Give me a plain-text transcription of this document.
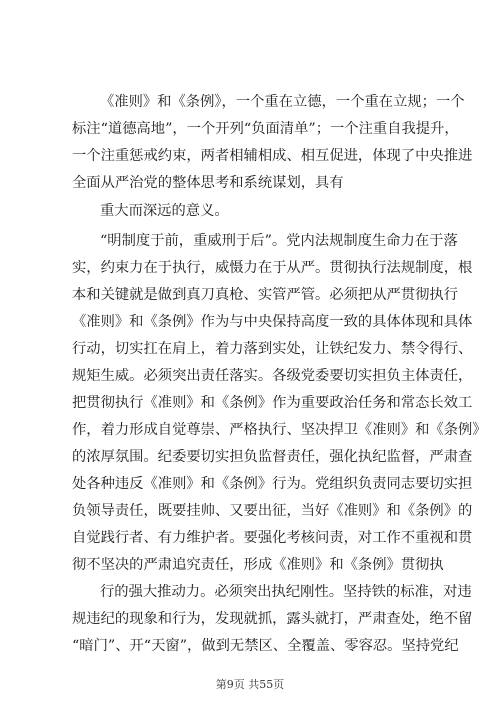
《准则》和《条例》，一个重在立德，一个重在立规；一个
标注“道德高地”，一个开列“负面清单”；一个注重自我提升，
一个注重惩戒约束，两者相辅相成、相互促进，体现了中央推进
全面从严治党的整体思考和系统谋划，具有
重大而深远的意义。
“明制度于前，重威刑于后”。党内法规制度生命力在于落
实，约束力在于执行，威慑力在于从严。贯彻执行法规制度，根
本和关键就是做到真刀真枪、实管严管。必须把从严贯彻执行
《准则》和《条例》作为与中央保持高度一致的具体体现和具体
行动，切实扛在肩上，着力落到实处，让铁纪发力、禁令得行、
规矩生威。必须突出责任落实。各级党委要切实担负主体责任，
把贯彻执行《准则》和《条例》作为重要政治任务和常态长效工
作，着力形成自觉尊崇、严格执行、坚决捍卫《准则》和《条例》
的浓厚氛围。纪委要切实担负监督责任，强化执纪监督，严肃查
处各种违反《准则》和《条例》行为。党组织负责同志要切实担
负领导责任，既要挂帅、又要出征，当好《准则》和《条例》的
自觉践行者、有力维护者。要强化考核问责，对工作不重视和贯
彻不坚决的严肃追究责任，形成《准则》和《条例》贯彻执
行的强大推动力。必须突出执纪刚性。坚持铁的标准，对违
规违纪的现象和行为，发现就抓，露头就打，严肃查处，绝不留
“暗门”、开“天窗”，做到无禁区、全覆盖、零容忍。坚持党纪
第9页 共55页
